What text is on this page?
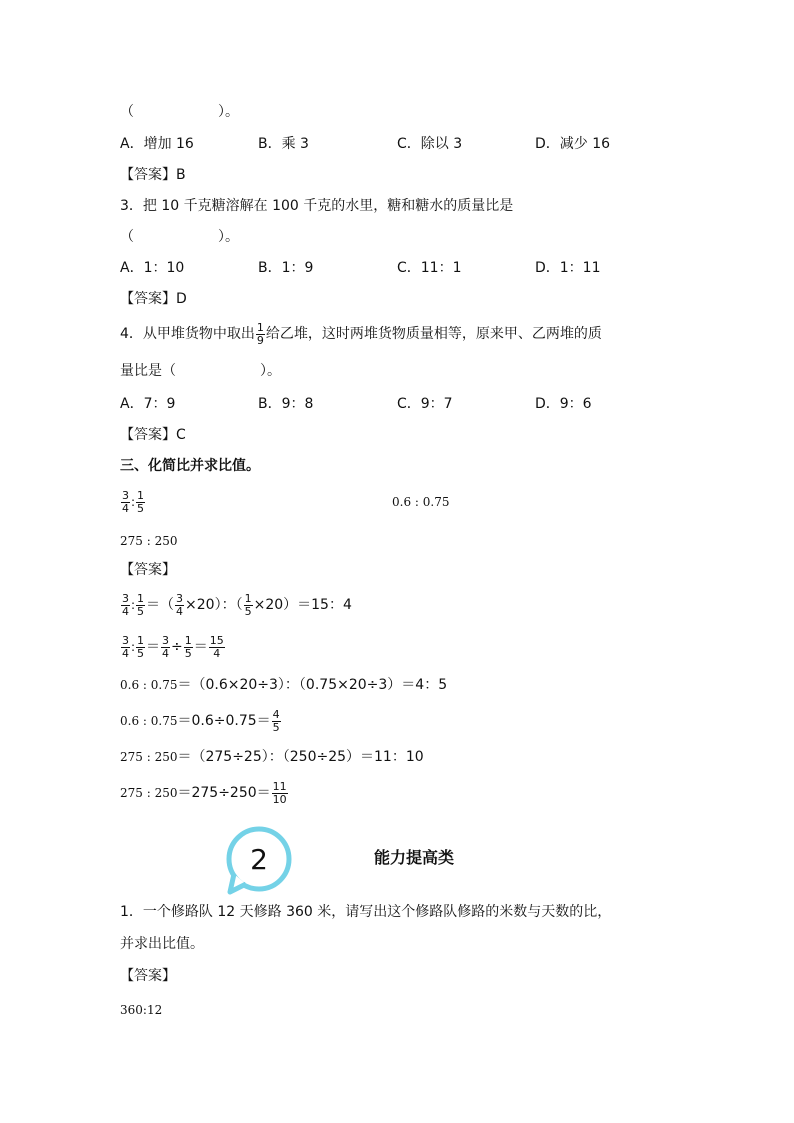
（　　　　　　）。
A．增加 16	B．乘 3	C．除以 3	D．减少 16
【答案】B
3．把 10 千克糖溶解在 100 千克的水里，糖和糖水的质量比是
（　　　　　　）。
A．1：10	B．1：9	C．11：1	D．1：11
【答案】D
4．从甲堆货物中取出 $\frac{1}{9}$ 给乙堆，这时两堆货物质量相等，原来甲、乙两堆的质
量比是（　　　　　　）。
A．7：9	B．9：8	C．9：7	D．9：6
【答案】C
三、化简比并求比值。
$\frac{3}{4}$ : $\frac{1}{5}$	0.6 : 0.75
275 : 250
【答案】
$\frac{3}{4}$ : $\frac{1}{5}$ ＝（ $\frac{3}{4} \times 20$）：（ $\frac{1}{5} \times 20)=15$：4
$\frac{3}{4}$ : $\frac{1}{5} = \frac{3}{4} \div \frac{1}{5} = \frac{15}{4}$
0.6 : 0.75 ＝（0.6×20÷3）：（0.75×20÷3）＝4：5
0.6 : $0.75 =0.6\div 0.75= \frac{4}{5}$
275 : 250 ＝（275÷25）：（250÷25）＝11：10
275 : $250 =275\div 250= \frac{11}{10}$
2	能力提高类
1．一个修路队 12 天修路 360 米，请写出这个修路队修路的米数与天数的比，
并求出比值。
【答案】
360:12
